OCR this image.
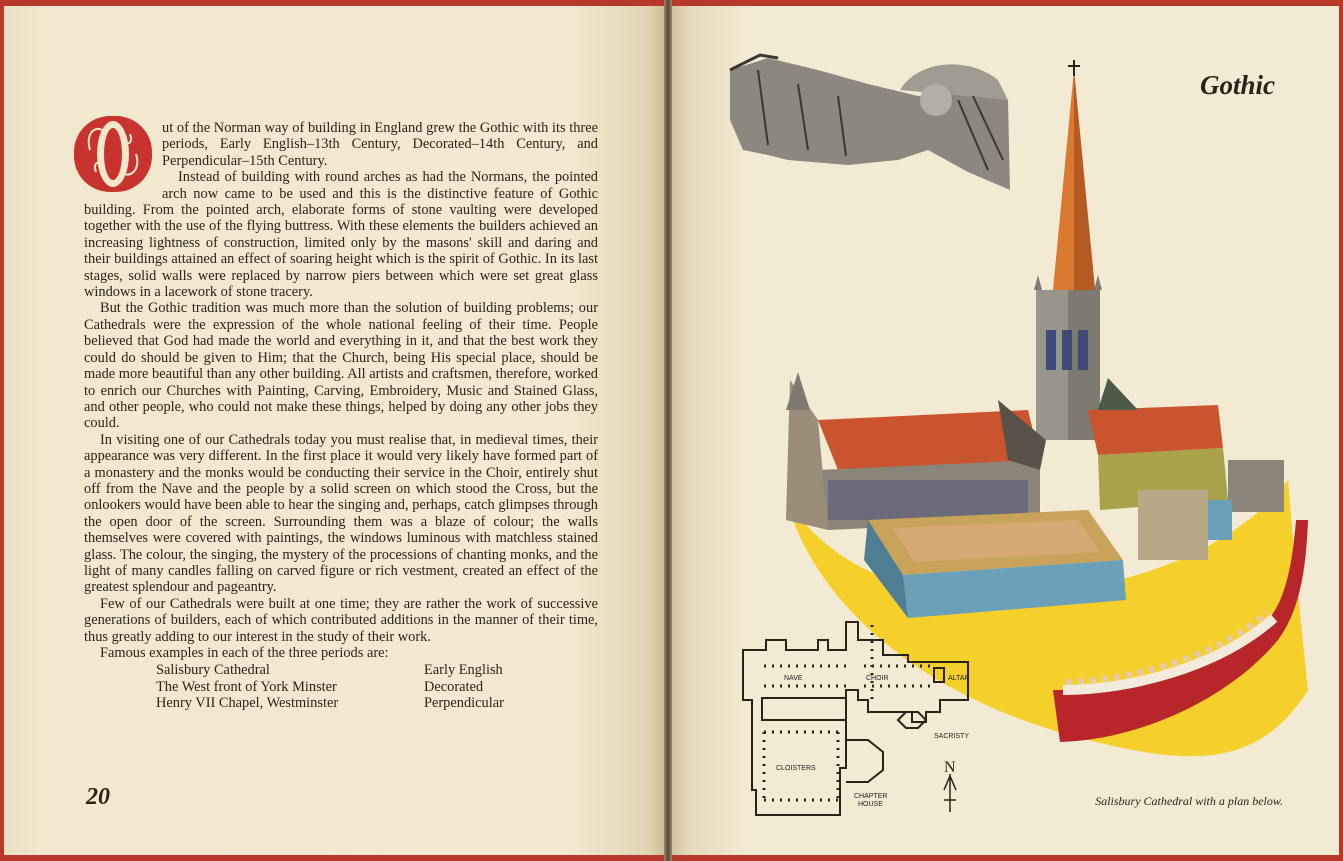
Gothic

ut of the Norman way of building in England grew the Gothic with its three periods, Early English–13th Century, Decorated–14th Century, and Perpendicular–15th Century.

Instead of building with round arches as had the Normans, the pointed arch now came to be used and this is the distinctive feature of Gothic building. From the pointed arch, elaborate forms of stone vaulting were developed together with the use of the flying buttress. With these elements the builders achieved an increasing lightness of construction, limited only by the masons' skill and daring and their buildings attained an effect of soaring height which is the spirit of Gothic. In its last stages, solid walls were replaced by narrow piers between which were set great glass windows in a lacework of stone tracery.

But the Gothic tradition was much more than the solution of building problems; our Cathedrals were the expression of the whole national feeling of their time. People believed that God had made the world and everything in it, and that the best work they could do should be given to Him; that the Church, being His special place, should be made more beautiful than any other building. All artists and craftsmen, therefore, worked to enrich our Churches with Painting, Carving, Embroidery, Music and Stained Glass, and other people, who could not make these things, helped by doing any other jobs they could.

In visiting one of our Cathedrals today you must realise that, in medieval times, their appearance was very different. In the first place it would very likely have formed part of a monastery and the monks would be conducting their service in the Choir, entirely shut off from the Nave and the people by a solid screen on which stood the Cross, but the onlookers would have been able to hear the singing and, perhaps, catch glimpses through the open door of the screen. Surrounding them was a blaze of colour; the walls themselves were covered with paintings, the windows luminous with matchless stained glass. The colour, the singing, the mystery of the processions of chanting monks, and the light of many candles falling on carved figure or rich vestment, created an effect of the greatest splendour and pageantry.

Few of our Cathedrals were built at one time; they are rather the work of successive generations of builders, each of which contributed additions in the manner of their time, thus greatly adding to our interest in the study of their work.

Famous examples in each of the three periods are:

Salisbury Cathedral	Early English
The West front of York Minster	Decorated
Henry VII Chapel, Westminster	Perpendicular
20	Salisbury Cathedral with a plan below.
NAVE	CHOIR	ALTAR
SACRISTY
CLOISTERS
CHAPTER
HOUSE
N
